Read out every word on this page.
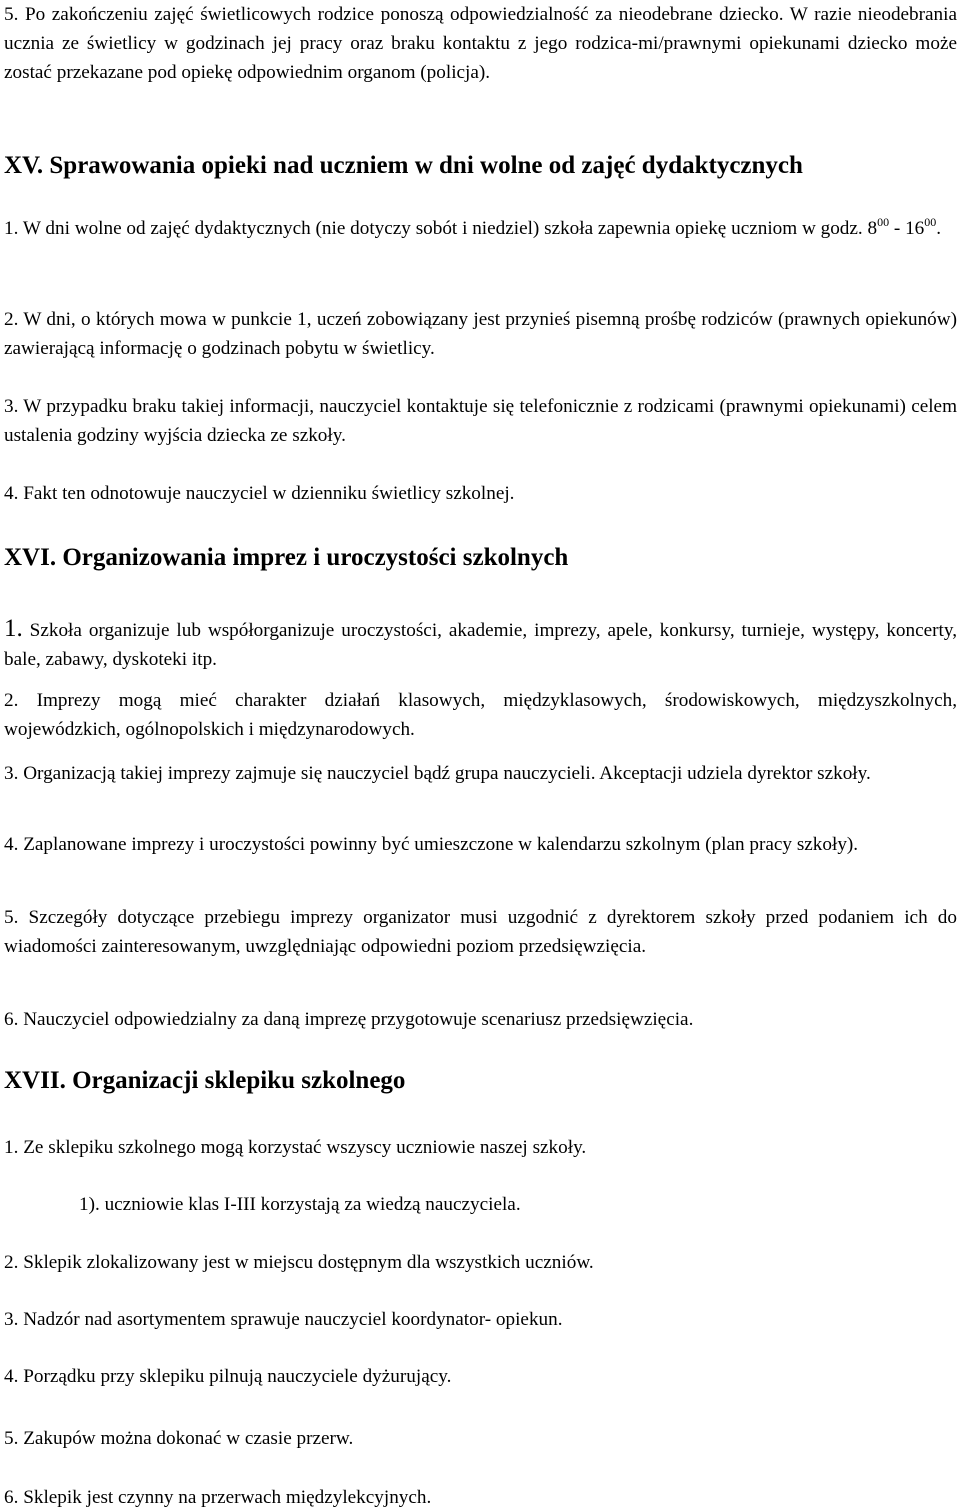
5. Po zakończeniu zajęć świetlicowych rodzice ponoszą odpowiedzialność za nieodebrane dziecko. W razie nieodebrania ucznia ze świetlicy w godzinach jej pracy oraz braku kontaktu z jego rodzica-mi/prawnymi opiekunami dziecko może zostać przekazane pod opiekę odpowiednim organom (policja).

XV. Sprawowania opieki nad uczniem w dni wolne od zajęć dydaktycznych

1. W dni wolne od zajęć dydaktycznych (nie dotyczy sobót i niedziel) szkoła zapewnia opiekę uczniom w godz. $8^{00} - 16^{00}$.

2. W dni, o których mowa w punkcie 1, uczeń zobowiązany jest przynieś pisemną prośbę rodziców (prawnych opiekunów) zawierającą informację o godzinach pobytu w świetlicy.

3. W przypadku braku takiej informacji, nauczyciel kontaktuje się telefonicznie z rodzicami (prawnymi opiekunami) celem ustalenia godziny wyjścia dziecka ze szkoły.

4. Fakt ten odnotowuje nauczyciel w dzienniku świetlicy szkolnej.

XVI. Organizowania imprez i uroczystości szkolnych

1. Szkoła organizuje lub współorganizuje uroczystości, akademie, imprezy, apele, konkursy, turnieje, występy, koncerty, bale, zabawy, dyskoteki itp.

2. Imprezy mogą mieć charakter działań klasowych, międzyklasowych, środowiskowych, międzyszkolnych, wojewódzkich, ogólnopolskich i międzynarodowych.

3. Organizacją takiej imprezy zajmuje się nauczyciel bądź grupa nauczycieli. Akceptacji udziela dyrektor szkoły.

4. Zaplanowane imprezy i uroczystości powinny być umieszczone w kalendarzu szkolnym (plan pracy szkoły).

5. Szczegóły dotyczące przebiegu imprezy organizator musi uzgodnić z dyrektorem szkoły przed podaniem ich do wiadomości zainteresowanym, uwzględniając odpowiedni poziom przedsięwzięcia.

6. Nauczyciel odpowiedzialny za daną imprezę przygotowuje scenariusz przedsięwzięcia.

XVII. Organizacji sklepiku szkolnego

1. Ze sklepiku szkolnego mogą korzystać wszyscy uczniowie naszej szkoły.

1). uczniowie klas I-III korzystają za wiedzą nauczyciela.

2. Sklepik zlokalizowany jest w miejscu dostępnym dla wszystkich uczniów.

3. Nadzór nad asortymentem sprawuje nauczyciel koordynator- opiekun.

4. Porządku przy sklepiku pilnują nauczyciele dyżurujący.

5. Zakupów można dokonać w czasie przerw.

6. Sklepik jest czynny na przerwach międzylekcyjnych.
